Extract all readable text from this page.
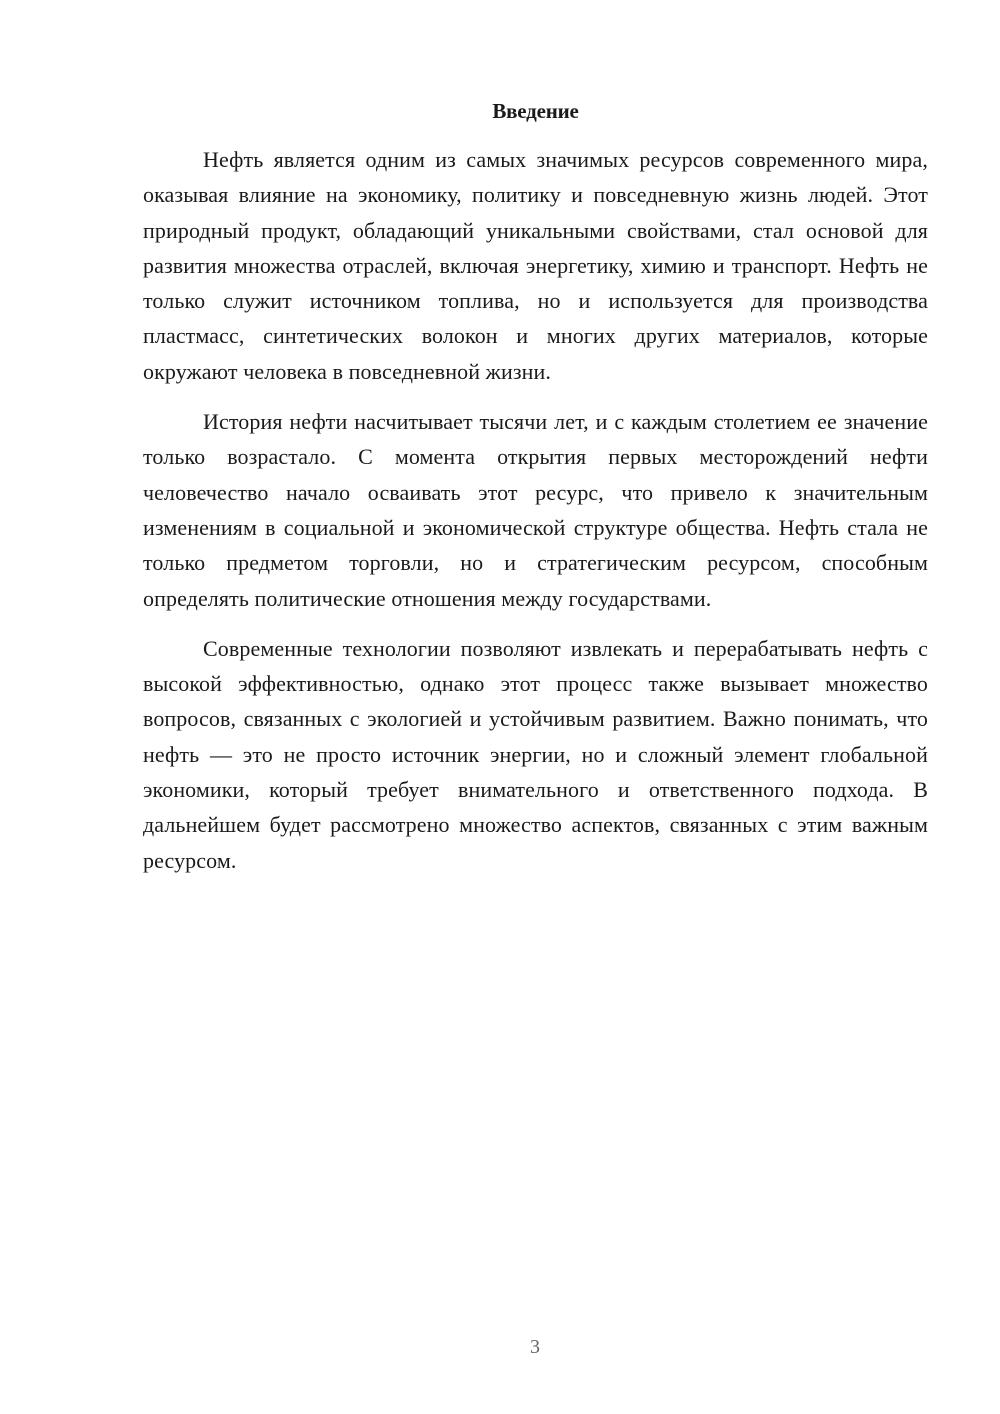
Введение

Нефть является одним из самых значимых ресурсов современного мира, оказывая влияние на экономику, политику и повседневную жизнь людей. Этот природный продукт, обладающий уникальными свойствами, стал основой для развития множества отраслей, включая энергетику, химию и транспорт. Нефть не только служит источником топлива, но и используется для производства пластмасс, синтетических волокон и многих других материалов, которые окружают человека в повседневной жизни.

История нефти насчитывает тысячи лет, и с каждым столетием ее значение только возрастало. С момента открытия первых месторождений нефти человечество начало осваивать этот ресурс, что привело к значительным изменениям в социальной и экономической структуре общества. Нефть стала не только предметом торговли, но и стратегическим ресурсом, способным определять политические отношения между государствами.

Современные технологии позволяют извлекать и перерабатывать нефть с высокой эффективностью, однако этот процесс также вызывает множество вопросов, связанных с экологией и устойчивым развитием. Важно понимать, что нефть — это не просто источник энергии, но и сложный элемент глобальной экономики, который требует внимательного и ответственного подхода. В дальнейшем будет рассмотрено множество аспектов, связанных с этим важным ресурсом.

3
